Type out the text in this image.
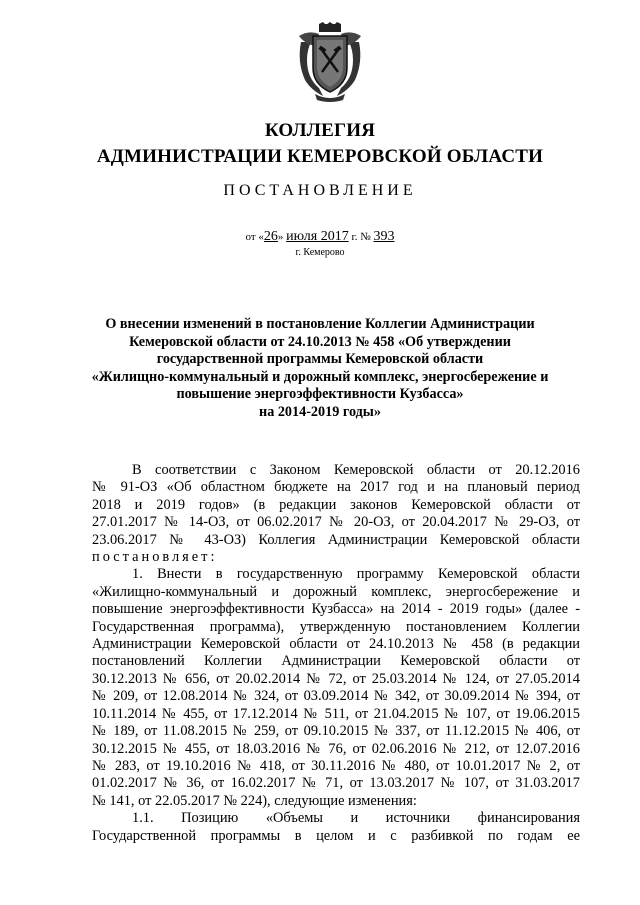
КОЛЛЕГИЯ
АДМИНИСТРАЦИИ КЕМЕРОВСКОЙ ОБЛАСТИ
ПОСТАНОВЛЕНИЕ
от «26» июля 2017 г. № 393
г. Кемерово
О внесении изменений в постановление Коллегии Администрации
Кемеровской области от 24.10.2013 № 458 «Об утверждении
государственной программы Кемеровской области
«Жилищно-коммунальный и дорожный комплекс, энергосбережение и
повышение энергоэффективности Кузбасса»
на 2014-2019 годы»
В соответствии с Законом Кемеровской области от 20.12.2016
№ 91-ОЗ «Об областном бюджете на 2017 год и на плановый период
2018 и 2019 годов» (в редакции законов Кемеровской области от
27.01.2017 № 14-ОЗ, от 06.02.2017 № 20-ОЗ, от 20.04.2017 № 29-ОЗ, от
23.06.2017 № 43-ОЗ) Коллегия Администрации Кемеровской области
постановляет:
1. Внести в государственную программу Кемеровской области
«Жилищно-коммунальный и дорожный комплекс, энергосбережение и
повышение энергоэффективности Кузбасса» на 2014 - 2019 годы» (далее -
Государственная программа), утвержденную постановлением Коллегии
Администрации Кемеровской области от 24.10.2013 № 458 (в редакции
постановлений Коллегии Администрации Кемеровской области от
30.12.2013 № 656, от 20.02.2014 № 72, от 25.03.2014 № 124, от 27.05.2014
№ 209, от 12.08.2014 № 324, от 03.09.2014 № 342, от 30.09.2014 № 394, от
10.11.2014 № 455, от 17.12.2014 № 511, от 21.04.2015 № 107, от 19.06.2015
№ 189, от 11.08.2015 № 259, от 09.10.2015 № 337, от 11.12.2015 № 406, от
30.12.2015 № 455, от 18.03.2016 № 76, от 02.06.2016 № 212, от 12.07.2016
№ 283, от 19.10.2016 № 418, от 30.11.2016 № 480, от 10.01.2017 № 2, от
01.02.2017 № 36, от 16.02.2017 № 71, от 13.03.2017 № 107, от 31.03.2017
№ 141, от 22.05.2017 № 224), следующие изменения:
1.1. Позицию «Объемы и источники финансирования
Государственной программы в целом и с разбивкой по годам ее
